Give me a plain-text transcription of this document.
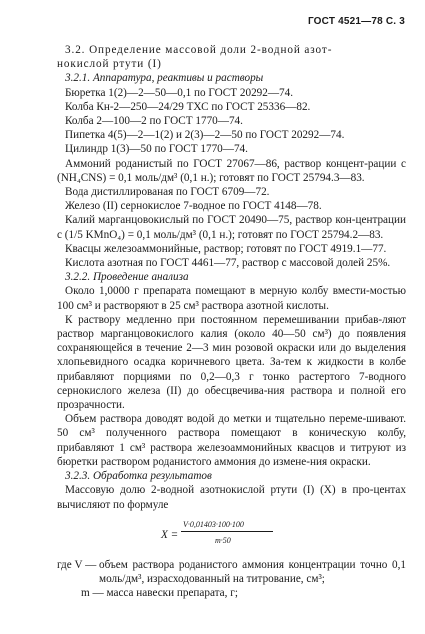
ГОСТ 4521—78 С. 3

3.2. Определение массовой доли 2-водной азот-

нокислой ртути (I)

3.2.1. Аппаратура, реактивы и растворы

Бюретка 1(2)—2—50—0,1 по ГОСТ 20292—74.

Колба Кн-2—250—24/29 ТХС по ГОСТ 25336—82.

Колба 2—100—2 по ГОСТ 1770—74.

Пипетка 4(5)—2—1(2) и 2(3)—2—50 по ГОСТ 20292—74.

Цилиндр 1(3)—50 по ГОСТ 1770—74.

Аммоний роданистый по ГОСТ 27067—86, раствор концент-рации c (NH₄CNS) = 0,1 моль/дм³ (0,1 н.); готовят по ГОСТ 25794.3—83.

Вода дистиллированая по ГОСТ 6709—72.

Железо (II) сернокислое 7-водное по ГОСТ 4148—78.

Калий марганцовокислый по ГОСТ 20490—75, раствор кон-центрации c (1/5 KMnO₄) = 0,1 моль/дм³ (0,1 н.); готовят по ГОСТ 25794.2—83.

Квасцы железоаммонийные, раствор; готовят по ГОСТ 4919.1—77.

Кислота азотная по ГОСТ 4461—77, раствор с массовой долей 25%.

3.2.2. Проведение анализа

Около 1,0000 г препарата помещают в мерную колбу вмести-мостью 100 см³ и растворяют в 25 см³ раствора азотной кислоты.

К раствору медленно при постоянном перемешивании прибав-ляют раствор марганцовокислого калия (около 40—50 см³) до появления сохраняющейся в течение 2—3 мин розовой окраски или до выделения хлопьевидного осадка коричневого цвета. За-тем к жидкости в колбе прибавляют порциями по 0,2—0,3 г тонко растертого 7-водного сернокислого железа (II) до обесцвечива-ния раствора и полной его прозрачности.

Объем раствора доводят водой до метки и тщательно переме-шивают. 50 см³ полученного раствора помещают в коническую колбу, прибавляют 1 см³ раствора железоаммонийных квасцов и титруют из бюретки раствором роданистого аммония до измене-ния окраски.

3.2.3. Обработка результатов

Массовую долю 2-водной азотнокислой ртути (I) (X) в про-центах вычисляют по формуле

X =
V·0,01403·100·100
m·50
где V — объем раствора роданистого аммония концентрации точно 0,1 моль/дм³, израсходованный на титрование, см³;

m — масса навески препарата, г;
